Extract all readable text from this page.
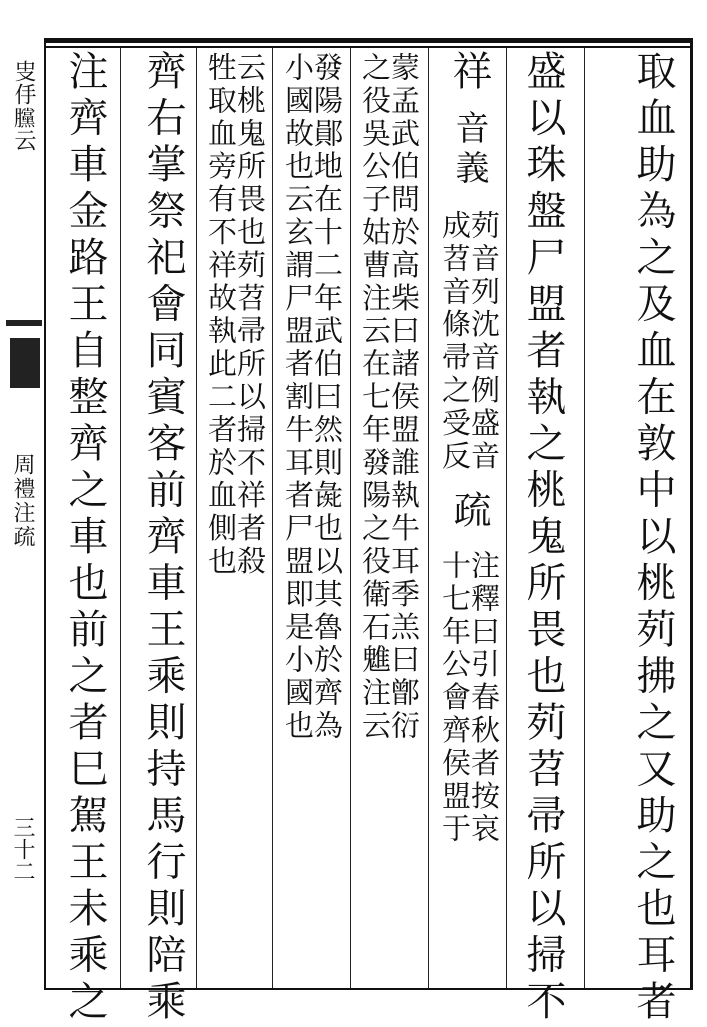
㕜㐿𣎲云
周禮注疏
三十二	取血助為之及血在敦中以桃茢拂之又助之也耳者
盛以珠盤尸盟者執之桃鬼所畏也茢苕帚所以掃不
祥
音義
茢音列沈音例盛音
成苕音條帚之受反
疏
注釋曰引春秋者按哀
十七年公會齊侯盟于
蒙孟武伯問於高柴曰諸侯盟誰執牛耳季羔曰鄫衍
之役吳公子姑曹注云在七年發陽之役衛石魋注云
發陽鄖地在十二年武伯曰然則彘也以其魯於齊為
小國故也云玄謂尸盟者割牛耳者尸盟即是小國也
云桃鬼所畏也茢苕帚所以掃不祥者殺
牲取血旁有不祥故執此二者於血側也
齊右掌祭祀會同賓客前齊車王乘則持馬行則陪乘
注齊車金路王自整齊之車也前之者巳駕王未乘之
